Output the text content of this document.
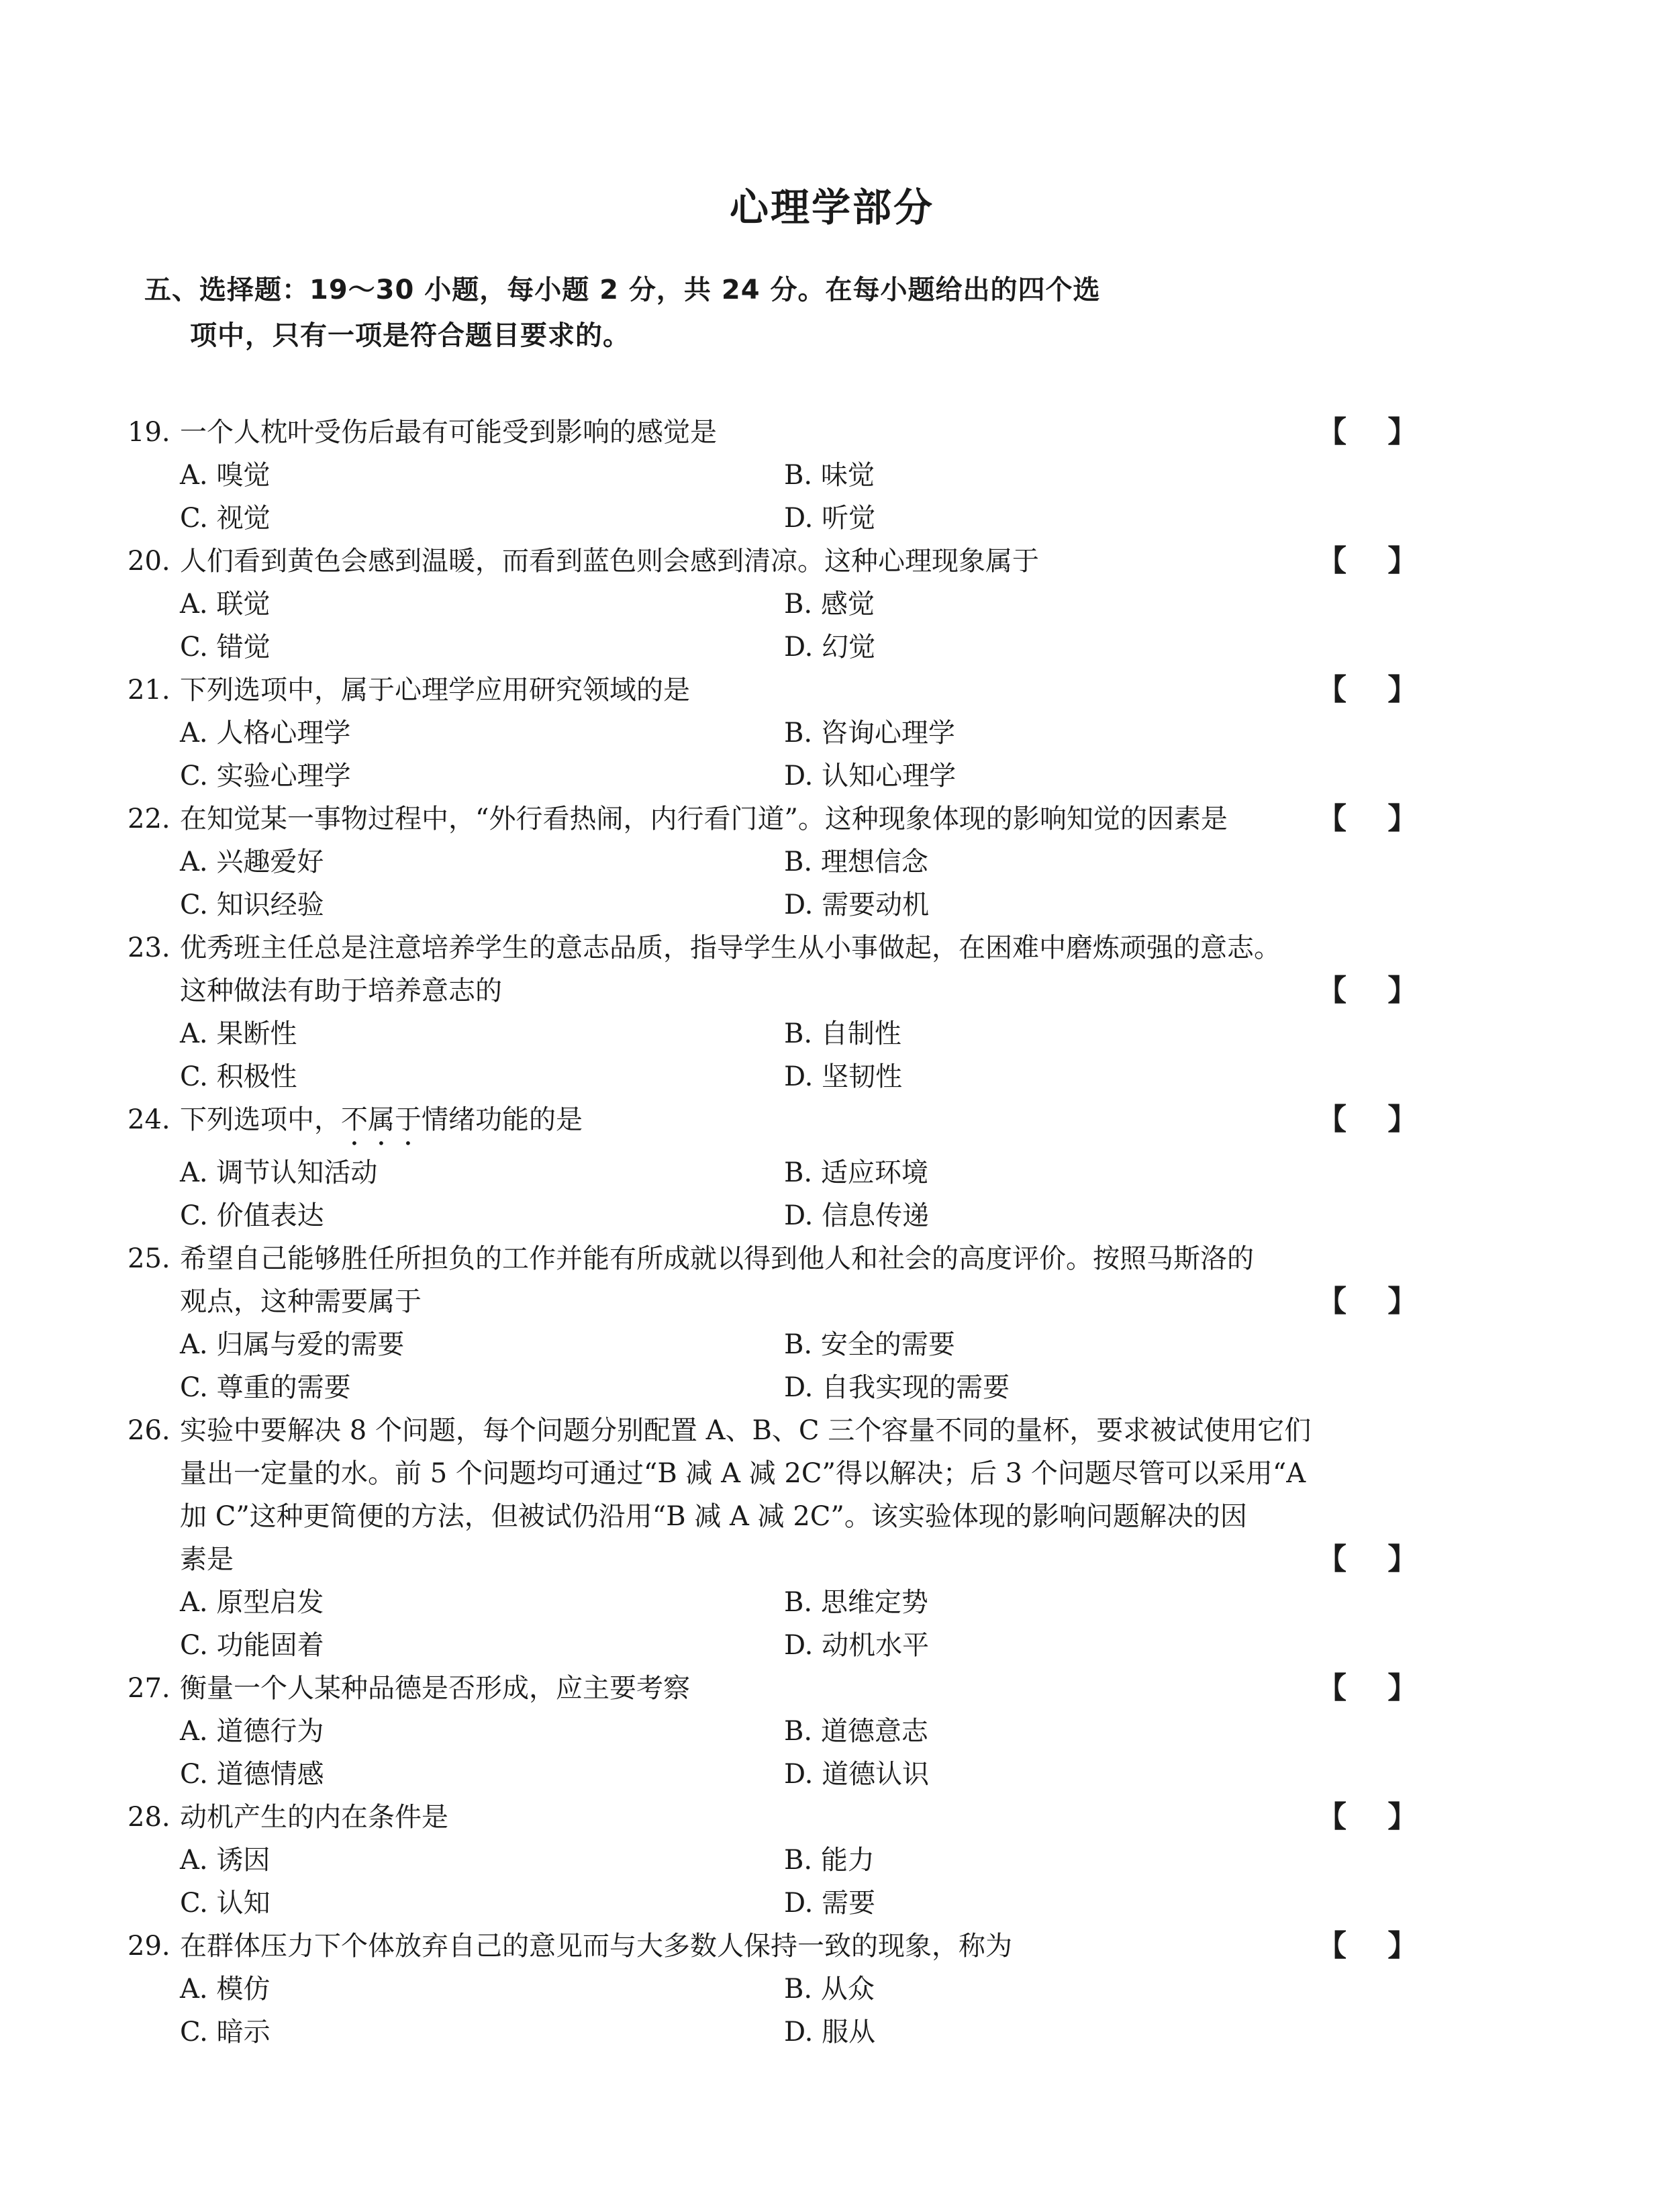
心理学部分
五、选择题：19～30 小题，每小题 2 分，共 24 分。在每小题给出的四个选
项中，只有一项是符合题目要求的。
19. 一个人枕叶受伤后最有可能受到影响的感觉是	【 】
A. 嗅觉	B. 味觉
C. 视觉	D. 听觉
20. 人们看到黄色会感到温暖，而看到蓝色则会感到清凉。这种心理现象属于	【 】
A. 联觉	B. 感觉
C. 错觉	D. 幻觉
21. 下列选项中，属于心理学应用研究领域的是	【 】
A. 人格心理学	B. 咨询心理学
C. 实验心理学	D. 认知心理学
22. 在知觉某一事物过程中，“外行看热闹，内行看门道”。这种现象体现的影响知觉的因素是	【 】
A. 兴趣爱好	B. 理想信念
C. 知识经验	D. 需要动机
23. 优秀班主任总是注意培养学生的意志品质，指导学生从小事做起，在困难中磨炼顽强的意志。
这种做法有助于培养意志的	【 】
A. 果断性	B. 自制性
C. 积极性	D. 坚韧性
24. 下列选项中，不属于情绪功能的是	【 】
A. 调节认知活动	B. 适应环境
C. 价值表达	D. 信息传递
25. 希望自己能够胜任所担负的工作并能有所成就以得到他人和社会的高度评价。按照马斯洛的
观点，这种需要属于	【 】
A. 归属与爱的需要	B. 安全的需要
C. 尊重的需要	D. 自我实现的需要
26. 实验中要解决 8 个问题，每个问题分别配置 A、B、C 三个容量不同的量杯，要求被试使用它们
量出一定量的水。前 5 个问题均可通过“B 减 A 减 2C”得以解决；后 3 个问题尽管可以采用“A
加 C”这种更简便的方法，但被试仍沿用“B 减 A 减 2C”。该实验体现的影响问题解决的因
素是	【 】
A. 原型启发	B. 思维定势
C. 功能固着	D. 动机水平
27. 衡量一个人某种品德是否形成，应主要考察	【 】
A. 道德行为	B. 道德意志
C. 道德情感	D. 道德认识
28. 动机产生的内在条件是	【 】
A. 诱因	B. 能力
C. 认知	D. 需要
29. 在群体压力下个体放弃自己的意见而与大多数人保持一致的现象，称为	【 】
A. 模仿	B. 从众
C. 暗示	D. 服从
